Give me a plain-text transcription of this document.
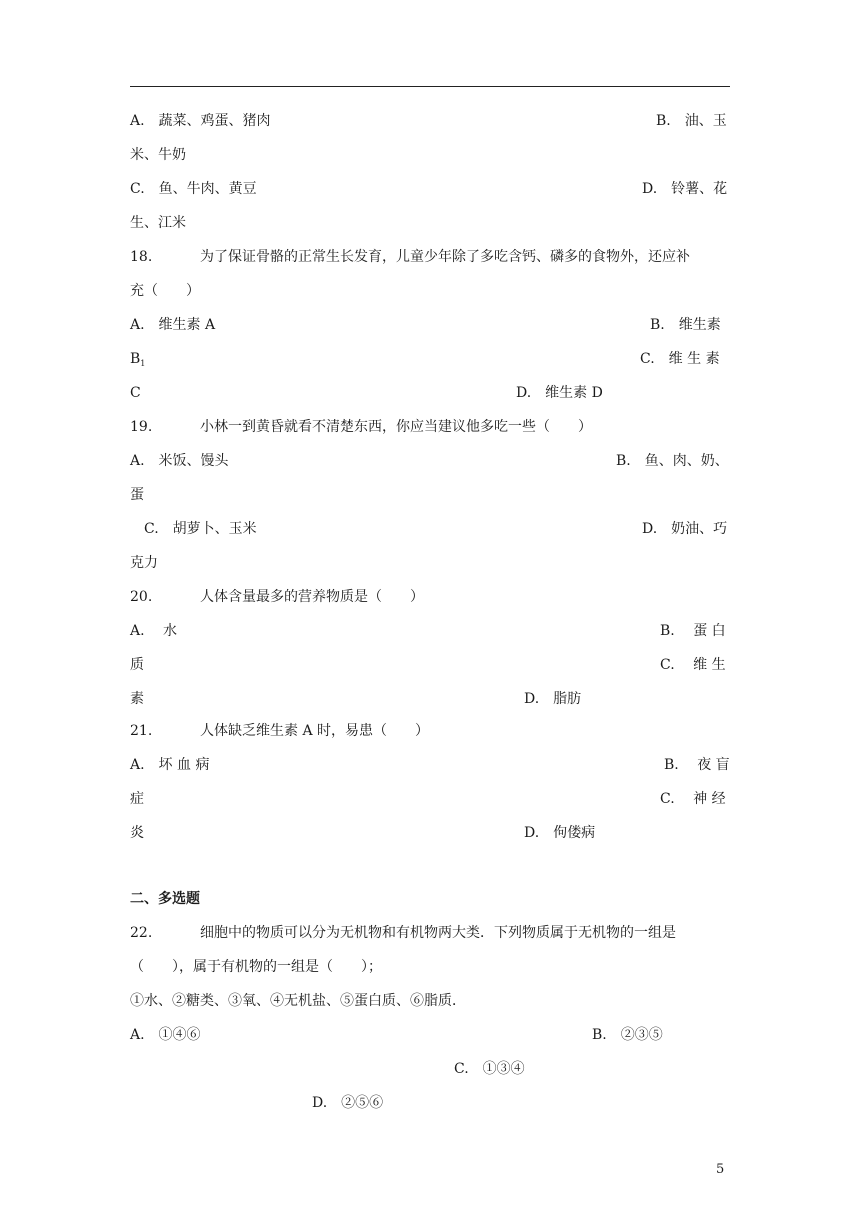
A.　蔬菜、鸡蛋、猪肉	B.　油、玉
米、牛奶
C.　鱼、牛肉、黄豆	D.　铃薯、花
生、江米
18.	为了保证骨骼的正常生长发育，儿童少年除了多吃含钙、磷多的食物外，还应补
充（　　）
A.　维生素 A	B.　维生素
$B_1$	C.　维 生 素
C	D.　维生素 D
19.	小林一到黄昏就看不清楚东西，你应当建议他多吃一些（　　）
A.　米饭、馒头	B.　鱼、肉、奶、
蛋
C.　胡萝卜、玉米	D.　奶油、巧
克力
20.	人体含量最多的营养物质是（　　）
A.　 水	B.　 蛋 白
质	C.　 维 生
素	D.　脂肪
21.	人体缺乏维生素 A 时，易患（　　）
A.　坏 血 病	B.　 夜 盲
症	C.　 神 经
炎	D.　佝偻病
二、多选题
22.	细胞中的物质可以分为无机物和有机物两大类．下列物质属于无机物的一组是
（　　），属于有机物的一组是（　　）；
①水、②糖类、③氧、④无机盐、⑤蛋白质、⑥脂质．
A.　①④⑥	B.　②③⑤
C.　①③④
D.　②⑤⑥
5
